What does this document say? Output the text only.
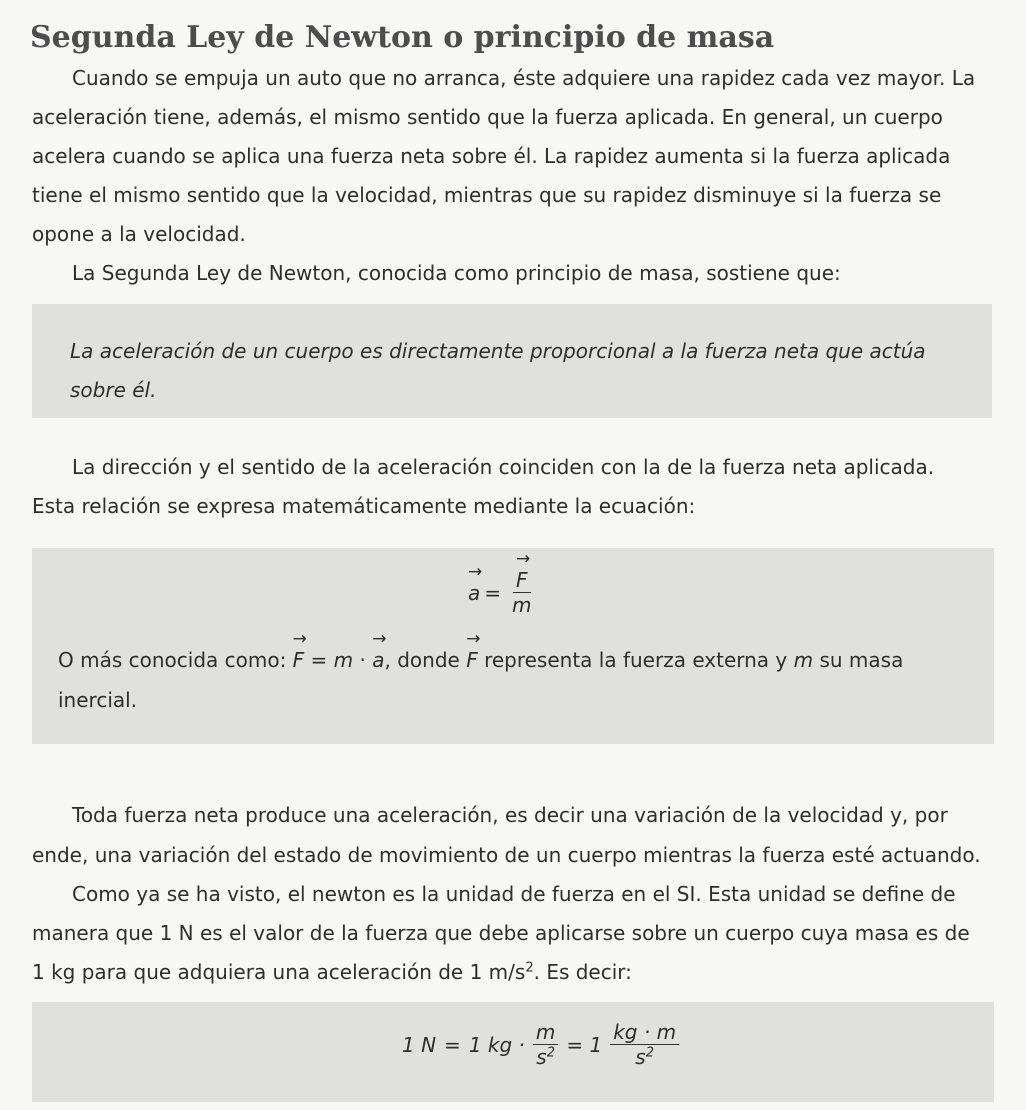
Segunda Ley de Newton o principio de masa

Cuando se empuja un auto que no arranca, éste adquiere una rapidez cada vez mayor. La

aceleración tiene, además, el mismo sentido que la fuerza aplicada. En general, un cuerpo

acelera cuando se aplica una fuerza neta sobre él. La rapidez aumenta si la fuerza aplicada

tiene el mismo sentido que la velocidad, mientras que su rapidez disminuye si la fuerza se

opone a la velocidad.

La Segunda Ley de Newton, conocida como principio de masa, sostiene que:

La aceleración de un cuerpo es directamente proporcional a la fuerza neta que actúa

sobre él.

La dirección y el sentido de la aceleración coinciden con la de la fuerza neta aplicada.

Esta relación se expresa matemáticamente mediante la ecuación:

→ a = → $\frac{F}{m}$

O más conocida como: → F = m · → a, donde → F representa la fuerza externa y m su masa

inercial.

Toda fuerza neta produce una aceleración, es decir una variación de la velocidad y, por

ende, una variación del estado de movimiento de un cuerpo mientras la fuerza esté actuando.

Como ya se ha visto, el newton es la unidad de fuerza en el SI. Esta unidad se define de

manera que 1 N es el valor de la fuerza que debe aplicarse sobre un cuerpo cuya masa es de

1 kg para que adquiera una aceleración de 1 $m/s^2$. Es decir:

1 N = 1 kg · $\frac{m}{s^2} = 1 \frac{kg \cdot m}{s^2}$
